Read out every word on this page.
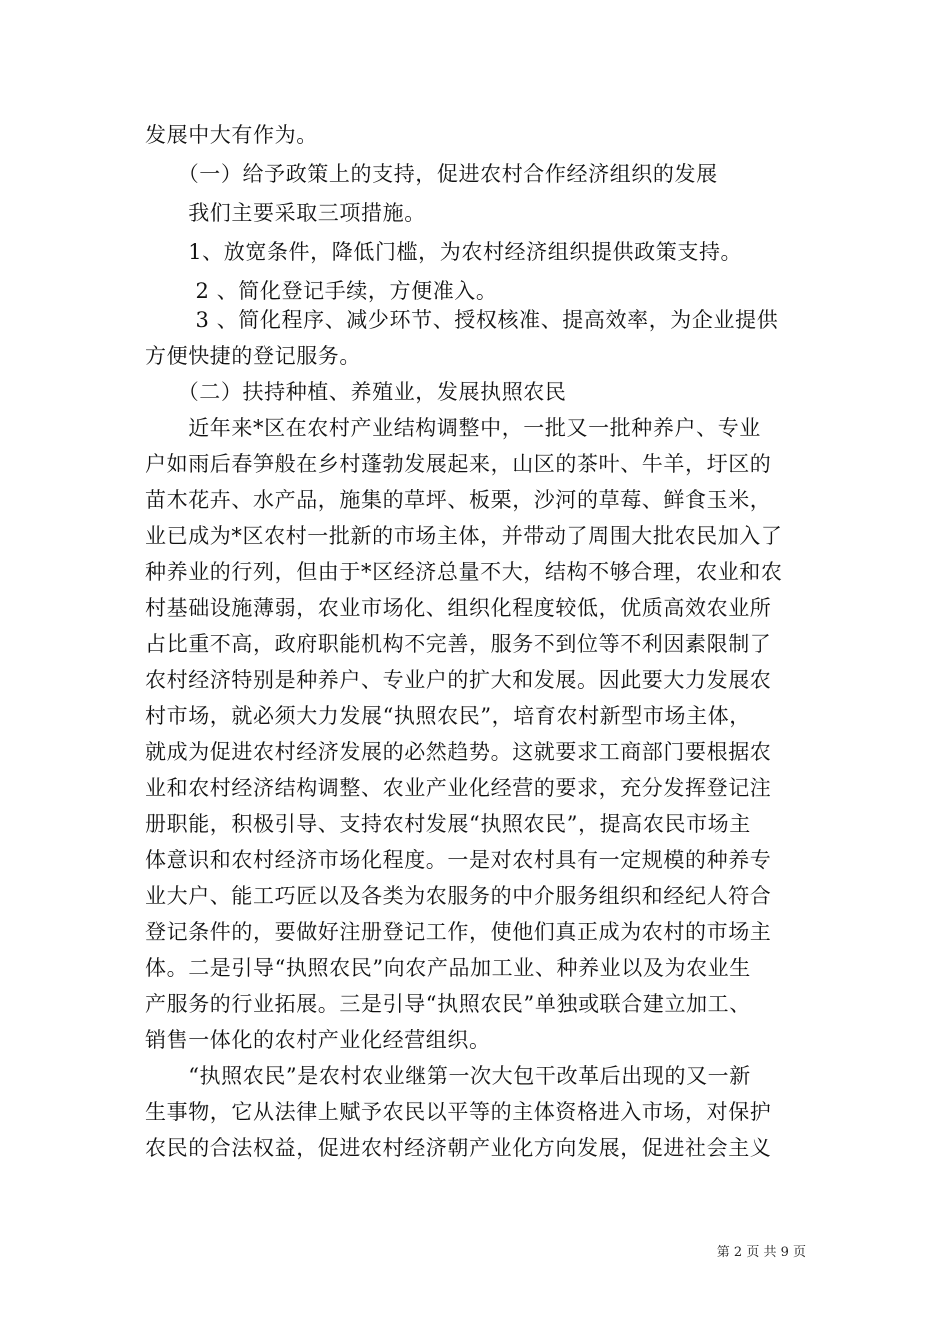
发展中大有作为。
　　（一）给予政策上的支持，促进农村合作经济组织的发展
　　我们主要采取三项措施。
　　1、放宽条件，降低门槛，为农村经济组织提供政策支持。
　　 2 、简化登记手续，方便准入。
　　 3 、简化程序、减少环节、授权核准、提高效率，为企业提供
方便快捷的登记服务。
　　（二）扶持种植、养殖业，发展执照农民
　　近年来*区在农村产业结构调整中，一批又一批种养户、专业
户如雨后春笋般在乡村蓬勃发展起来，山区的茶叶、牛羊，圩区的
苗木花卉、水产品，施集的草坪、板栗，沙河的草莓、鲜食玉米，
业已成为*区农村一批新的市场主体，并带动了周围大批农民加入了
种养业的行列，但由于*区经济总量不大，结构不够合理，农业和农
村基础设施薄弱，农业市场化、组织化程度较低，优质高效农业所
占比重不高，政府职能机构不完善，服务不到位等不利因素限制了
农村经济特别是种养户、专业户的扩大和发展。因此要大力发展农
村市场，就必须大力发展“执照农民”，培育农村新型市场主体，
就成为促进农村经济发展的必然趋势。这就要求工商部门要根据农
业和农村经济结构调整、农业产业化经营的要求，充分发挥登记注
册职能，积极引导、支持农村发展“执照农民”，提高农民市场主
体意识和农村经济市场化程度。一是对农村具有一定规模的种养专
业大户、能工巧匠以及各类为农服务的中介服务组织和经纪人符合
登记条件的，要做好注册登记工作，使他们真正成为农村的市场主
体。二是引导“执照农民”向农产品加工业、种养业以及为农业生
产服务的行业拓展。三是引导“执照农民”单独或联合建立加工、
销售一体化的农村产业化经营组织。
　　“执照农民”是农村农业继第一次大包干改革后出现的又一新
生事物，它从法律上赋予农民以平等的主体资格进入市场，对保护
农民的合法权益，促进农村经济朝产业化方向发展，促进社会主义
第 2 页 共 9 页
